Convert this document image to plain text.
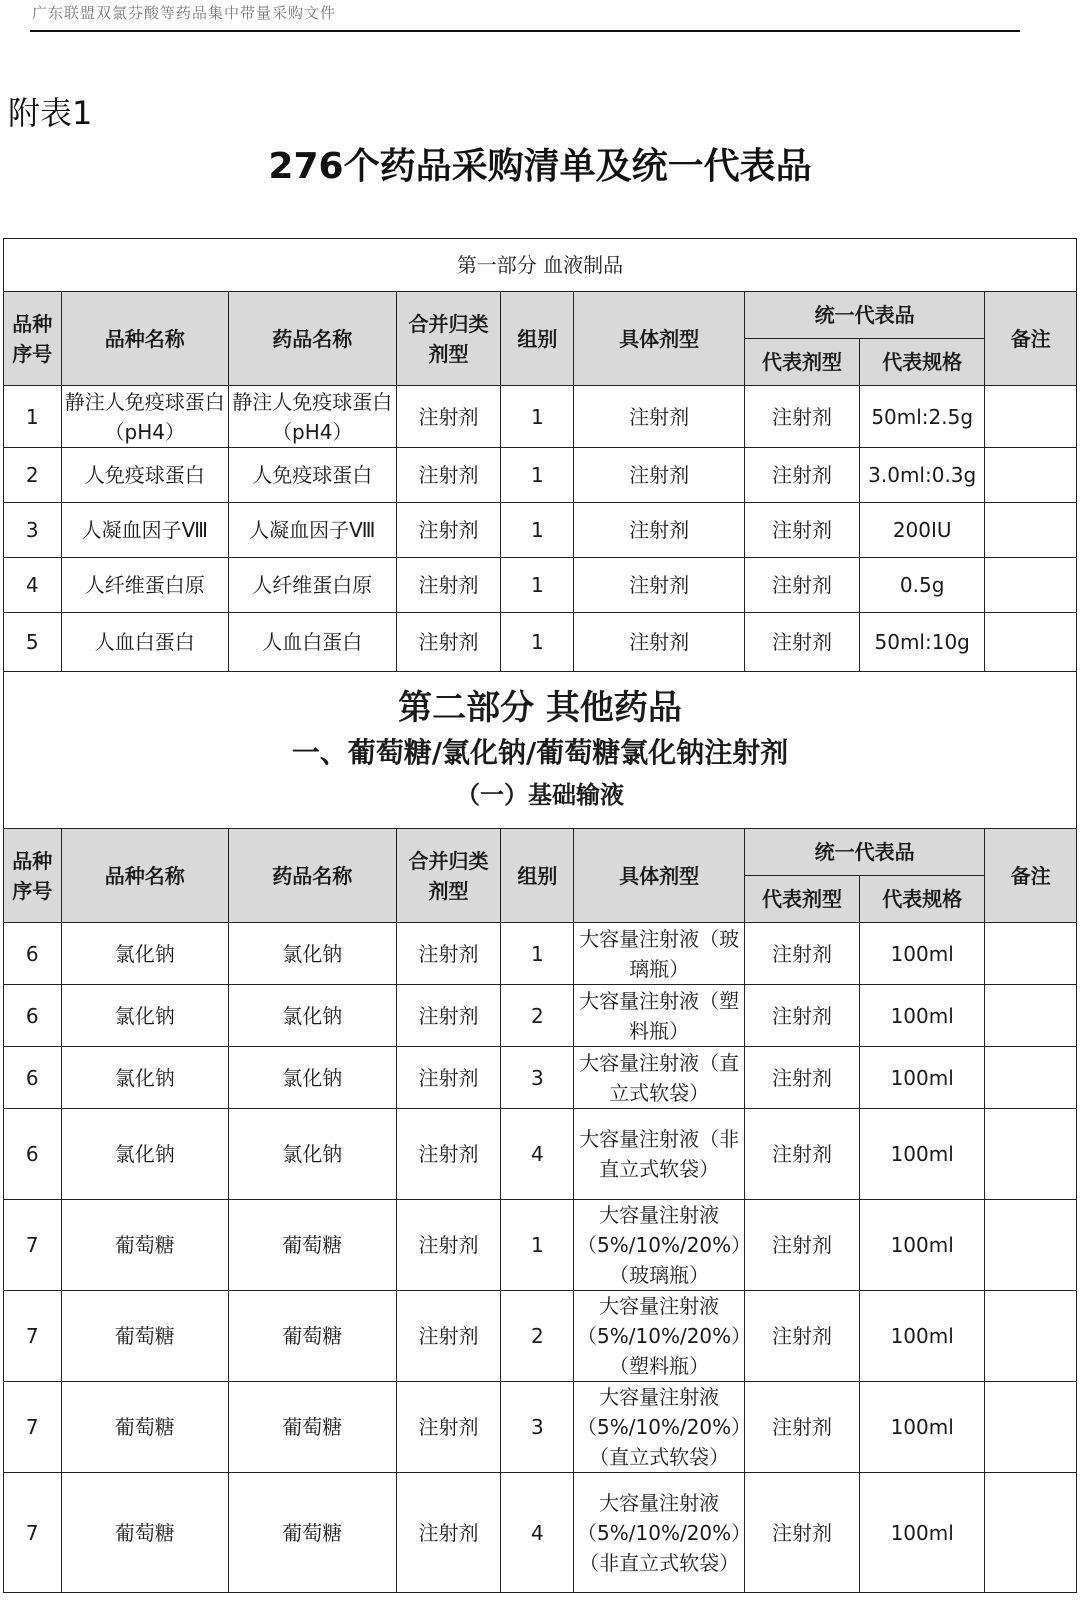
广东联盟双氯芬酸等药品集中带量采购文件
附表1
276个药品采购清单及统一代表品
第一部分 血液制品								
品种序号	品种名称	药品名称	合并归类剂型	组别	具体剂型	统一代表品		备注
						代表剂型	代表规格	
1	静注人免疫球蛋白（pH4）	静注人免疫球蛋白（pH4）	注射剂	1	注射剂	注射剂	50ml:2.5g	
2	人免疫球蛋白	人免疫球蛋白	注射剂	1	注射剂	注射剂	3.0ml:0.3g	
3	人凝血因子Ⅷ	人凝血因子Ⅷ	注射剂	1	注射剂	注射剂	200IU	
4	人纤维蛋白原	人纤维蛋白原	注射剂	1	注射剂	注射剂	0.5g	
5	人血白蛋白	人血白蛋白	注射剂	1	注射剂	注射剂	50ml:10g	

第二部分 其他药品
一、葡萄糖/氯化钠/葡萄糖氯化钠注射剂
（一）基础输液								

品种序号	品种名称	药品名称	合并归类剂型	组别	具体剂型	统一代表品		备注
						代表剂型	代表规格	
6	氯化钠	氯化钠	注射剂	1	大容量注射液（玻璃瓶）	注射剂	100ml	
6	氯化钠	氯化钠	注射剂	2	大容量注射液（塑料瓶）	注射剂	100ml	
6	氯化钠	氯化钠	注射剂	3	大容量注射液（直立式软袋）	注射剂	100ml	
6	氯化钠	氯化钠	注射剂	4	大容量注射液（非直立式软袋）	注射剂	100ml	
7	葡萄糖	葡萄糖	注射剂	1	大容量注射液（5%/10%/20%）（玻璃瓶）	注射剂	100ml	
7	葡萄糖	葡萄糖	注射剂	2	大容量注射液（5%/10%/20%）（塑料瓶）	注射剂	100ml	
7	葡萄糖	葡萄糖	注射剂	3	大容量注射液（5%/10%/20%）（直立式软袋）	注射剂	100ml	
7	葡萄糖	葡萄糖	注射剂	4	大容量注射液（5%/10%/20%）（非直立式软袋）	注射剂	100ml	
